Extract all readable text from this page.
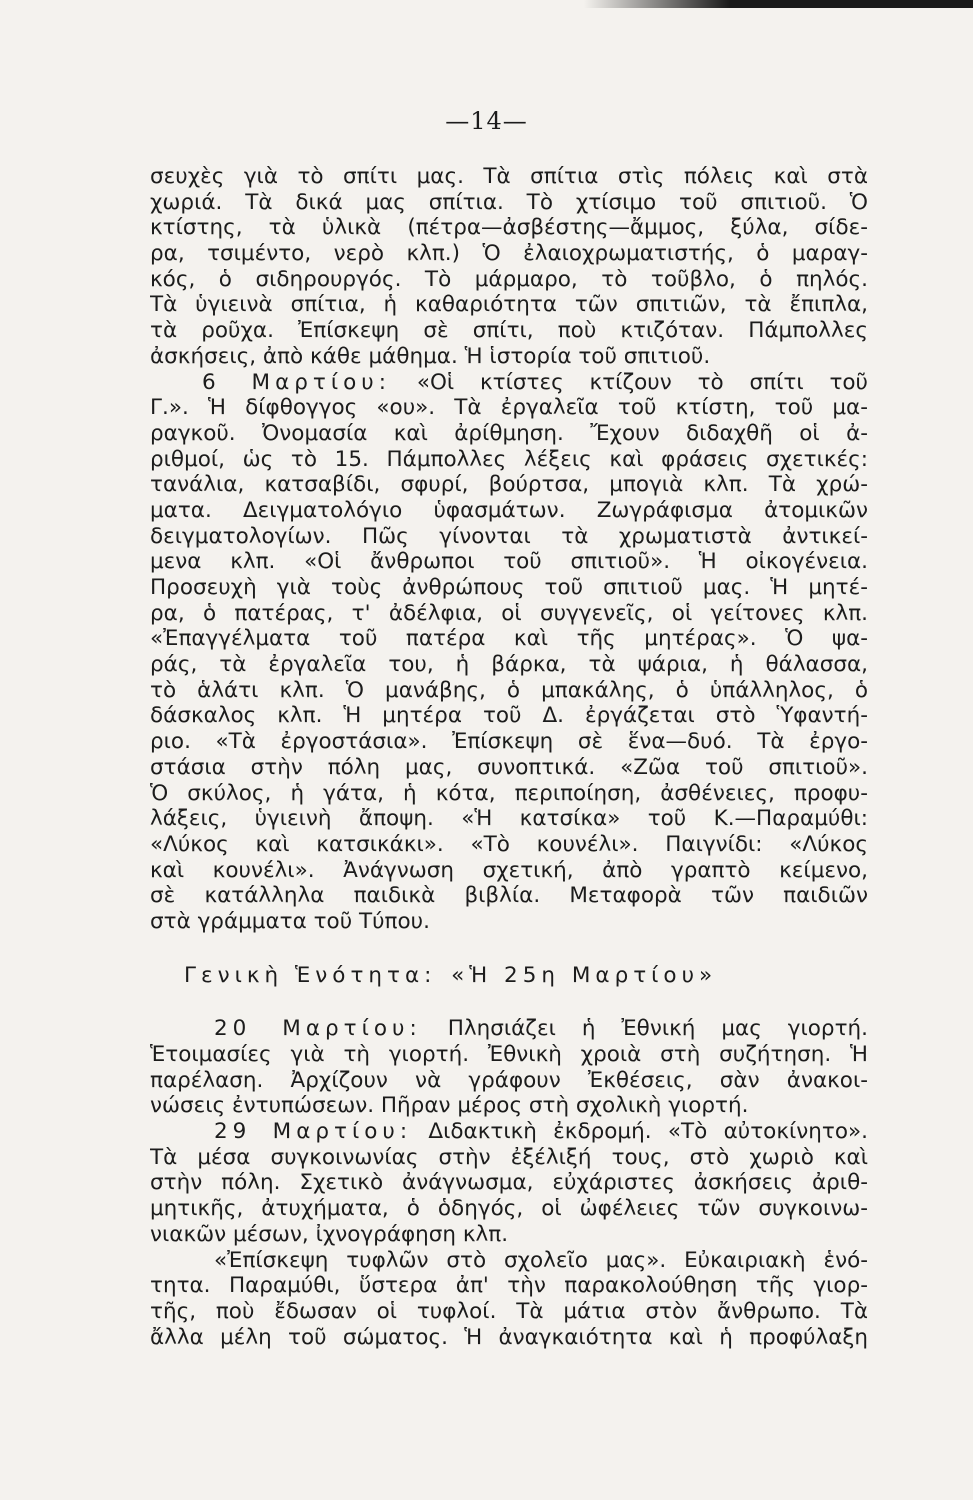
—14—
σευχὲς γιὰ τὸ σπίτι μας. Τὰ σπίτια στὶς πόλεις καὶ στὰ
χωριά. Τὰ δικά μας σπίτια. Τὸ χτίσιμο τοῦ σπιτιοῦ. Ὁ
κτίστης, τὰ ὑλικὰ (πέτρα—ἀσβέστης—ἄμμος, ξύλα, σίδε-
ρα, τσιμέντο, νερὸ κλπ.) Ὁ ἐλαιοχρωματιστής, ὁ μαραγ-
κός, ὁ σιδηρουργός. Τὸ μάρμαρο, τὸ τοῦβλο, ὁ πηλός.
Τὰ ὑγιεινὰ σπίτια, ἡ καθαριότητα τῶν σπιτιῶν, τὰ ἔπιπλα,
τὰ ροῦχα. Ἐπίσκεψη σὲ σπίτι, ποὺ κτιζόταν. Πάμπολλες
ἀσκήσεις, ἀπὸ κάθε μάθημα. Ἡ ἱστορία τοῦ σπιτιοῦ.
6 Μαρτίου: «Οἱ κτίστες κτίζουν τὸ σπίτι τοῦ
Γ.». Ἡ δίφθογγος «ου». Τὰ ἐργαλεῖα τοῦ κτίστη, τοῦ μα-
ραγκοῦ. Ὀνομασία καὶ ἀρίθμηση. Ἔχουν διδαχθῆ οἱ ἀ-
ριθμοί, ὡς τὸ 15. Πάμπολλες λέξεις καὶ φράσεις σχετικές:
τανάλια, κατσαβίδι, σφυρί, βούρτσα, μπογιὰ κλπ. Τὰ χρώ-
ματα. Δειγματολόγιο ὑφασμάτων. Ζωγράφισμα ἀτομικῶν
δειγματολογίων. Πῶς γίνονται τὰ χρωματιστὰ ἀντικεί-
μενα κλπ. «Οἱ ἄνθρωποι τοῦ σπιτιοῦ». Ἡ οἰκογένεια.
Προσευχὴ γιὰ τοὺς ἀνθρώπους τοῦ σπιτιοῦ μας. Ἡ μητέ-
ρα, ὁ πατέρας, τ' ἀδέλφια, οἱ συγγενεῖς, οἱ γείτονες κλπ.
«Ἐπαγγέλματα τοῦ πατέρα καὶ τῆς μητέρας». Ὁ ψα-
ράς, τὰ ἐργαλεῖα του, ἡ βάρκα, τὰ ψάρια, ἡ θάλασσα,
τὸ ἁλάτι κλπ. Ὁ μανάβης, ὁ μπακάλης, ὁ ὑπάλληλος, ὁ
δάσκαλος κλπ. Ἡ μητέρα τοῦ Δ. ἐργάζεται στὸ Ὑφαντή-
ριο. «Τὰ ἐργοστάσια». Ἐπίσκεψη σὲ ἕνα—δυό. Τὰ ἐργο-
στάσια στὴν πόλη μας, συνοπτικά. «Ζῶα τοῦ σπιτιοῦ».
Ὁ σκύλος, ἡ γάτα, ἡ κότα, περιποίηση, ἀσθένειες, προφυ-
λάξεις, ὑγιεινὴ ἄποψη. «Ἡ κατσίκα» τοῦ Κ.—Παραμύθι:
«Λύκος καὶ κατσικάκι». «Τὸ κουνέλι». Παιγνίδι: «Λύκος
καὶ κουνέλι». Ἀνάγνωση σχετική, ἀπὸ γραπτὸ κείμενο,
σὲ κατάλληλα παιδικὰ βιβλία. Μεταφορὰ τῶν παιδιῶν
στὰ γράμματα τοῦ Τύπου.
Γενικὴ Ἑνότητα: «Ἡ 25η Μαρτίου»
20 Μαρτίου: Πλησιάζει ἡ Ἐθνική μας γιορτή.
Ἑτοιμασίες γιὰ τὴ γιορτή. Ἐθνικὴ χροιὰ στὴ συζήτηση. Ἡ
παρέλαση. Ἀρχίζουν νὰ γράφουν Ἐκθέσεις, σὰν ἀνακοι-
νώσεις ἐντυπώσεων. Πῆραν μέρος στὴ σχολικὴ γιορτή.
29 Μαρτίου: Διδακτικὴ ἐκδρομή. «Τὸ αὐτοκίνητο».
Τὰ μέσα συγκοινωνίας στὴν ἐξέλιξή τους, στὸ χωριὸ καὶ
στὴν πόλη. Σχετικὸ ἀνάγνωσμα, εὐχάριστες ἀσκήσεις ἀριθ-
μητικῆς, ἀτυχήματα, ὁ ὁδηγός, οἱ ὠφέλειες τῶν συγκοινω-
νιακῶν μέσων, ἰχνογράφηση κλπ.
«Ἐπίσκεψη τυφλῶν στὸ σχολεῖο μας». Εὐκαιριακὴ ἑνό-
τητα. Παραμύθι, ὕστερα ἀπ' τὴν παρακολούθηση τῆς γιορ-
τῆς, ποὺ ἔδωσαν οἱ τυφλοί. Τὰ μάτια στὸν ἄνθρωπο. Τὰ
ἄλλα μέλη τοῦ σώματος. Ἡ ἀναγκαιότητα καὶ ἡ προφύλαξη
